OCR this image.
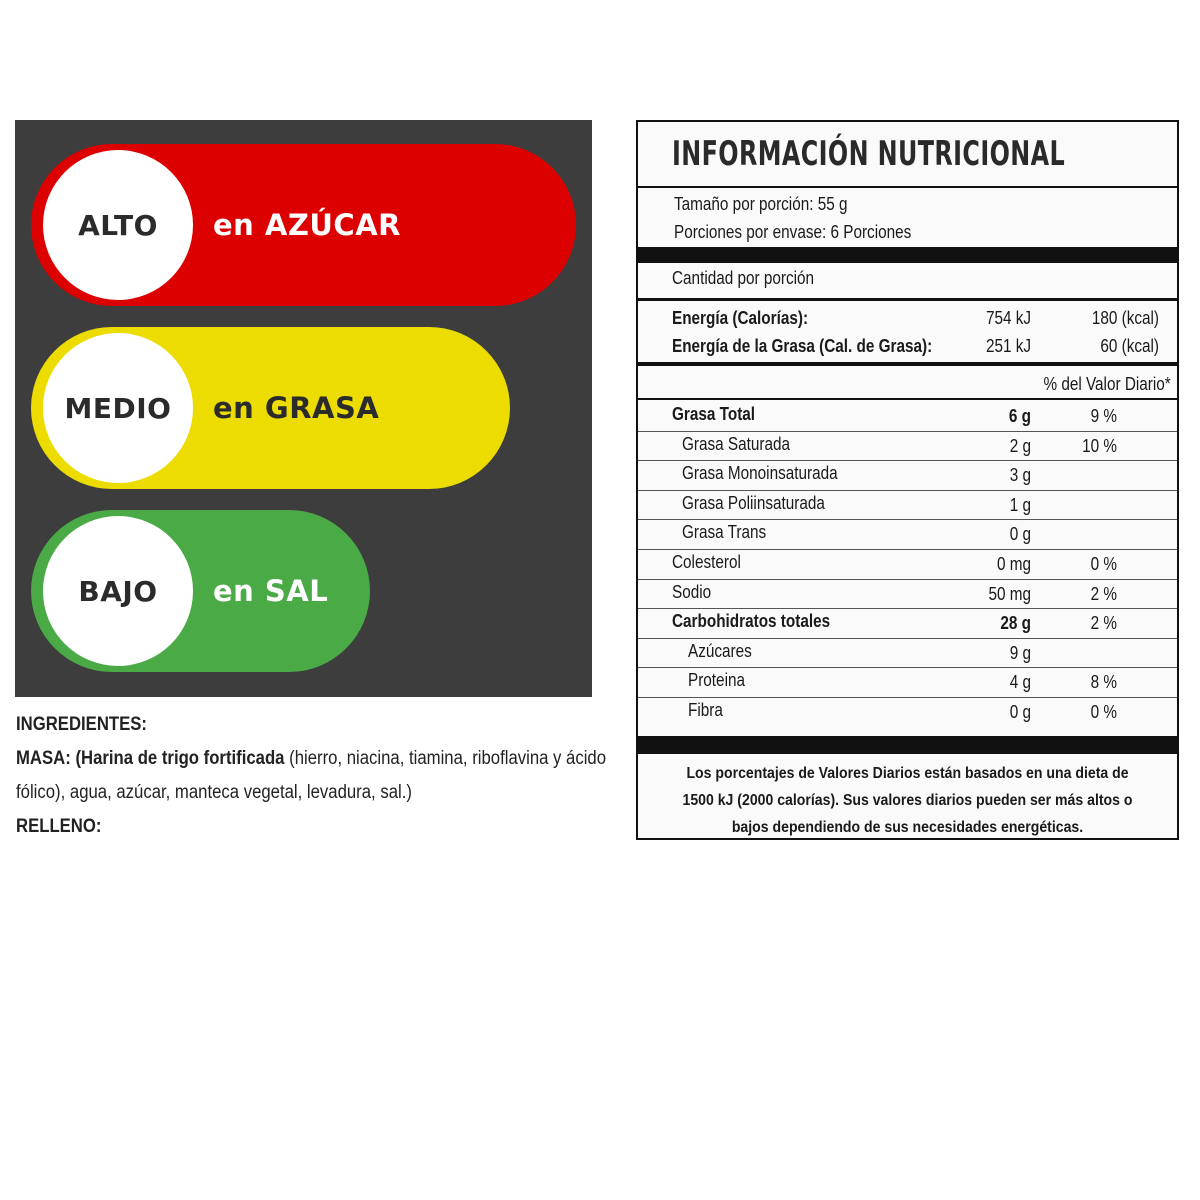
ALTO	en AZÚCAR
MEDIO	en GRASA
BAJO	en SAL
INGREDIENTES:
MASA: (Harina de trigo fortificada (hierro, niacina, tiamina, riboflavina y ácido fólico), agua, azúcar, manteca vegetal, levadura, sal.)
RELLENO:
INFORMACIÓN NUTRICIONAL
Tamaño por porción: 55 g
Porciones por envase: 6 Porciones
Cantidad por porción
Energía (Calorías):	754 kJ	180 (kcal)
Energía de la Grasa (Cal. de Grasa):	251 kJ	60 (kcal)
% del Valor Diario*
Grasa Total	6 g	9 %
Grasa Saturada	2 g	10 %
Grasa Monoinsaturada	3 g
Grasa Poliinsaturada	1 g
Grasa Trans	0 g
Colesterol	0 mg	0 %
Sodio	50 mg	2 %
Carbohidratos totales	28 g	2 %
Azúcares	9 g
Proteina	4 g	8 %
Fibra	0 g	0 %
Los porcentajes de Valores Diarios están basados en una dieta de 1500 kJ (2000 calorías). Sus valores diarios pueden ser más altos o bajos dependiendo de sus necesidades energéticas.
